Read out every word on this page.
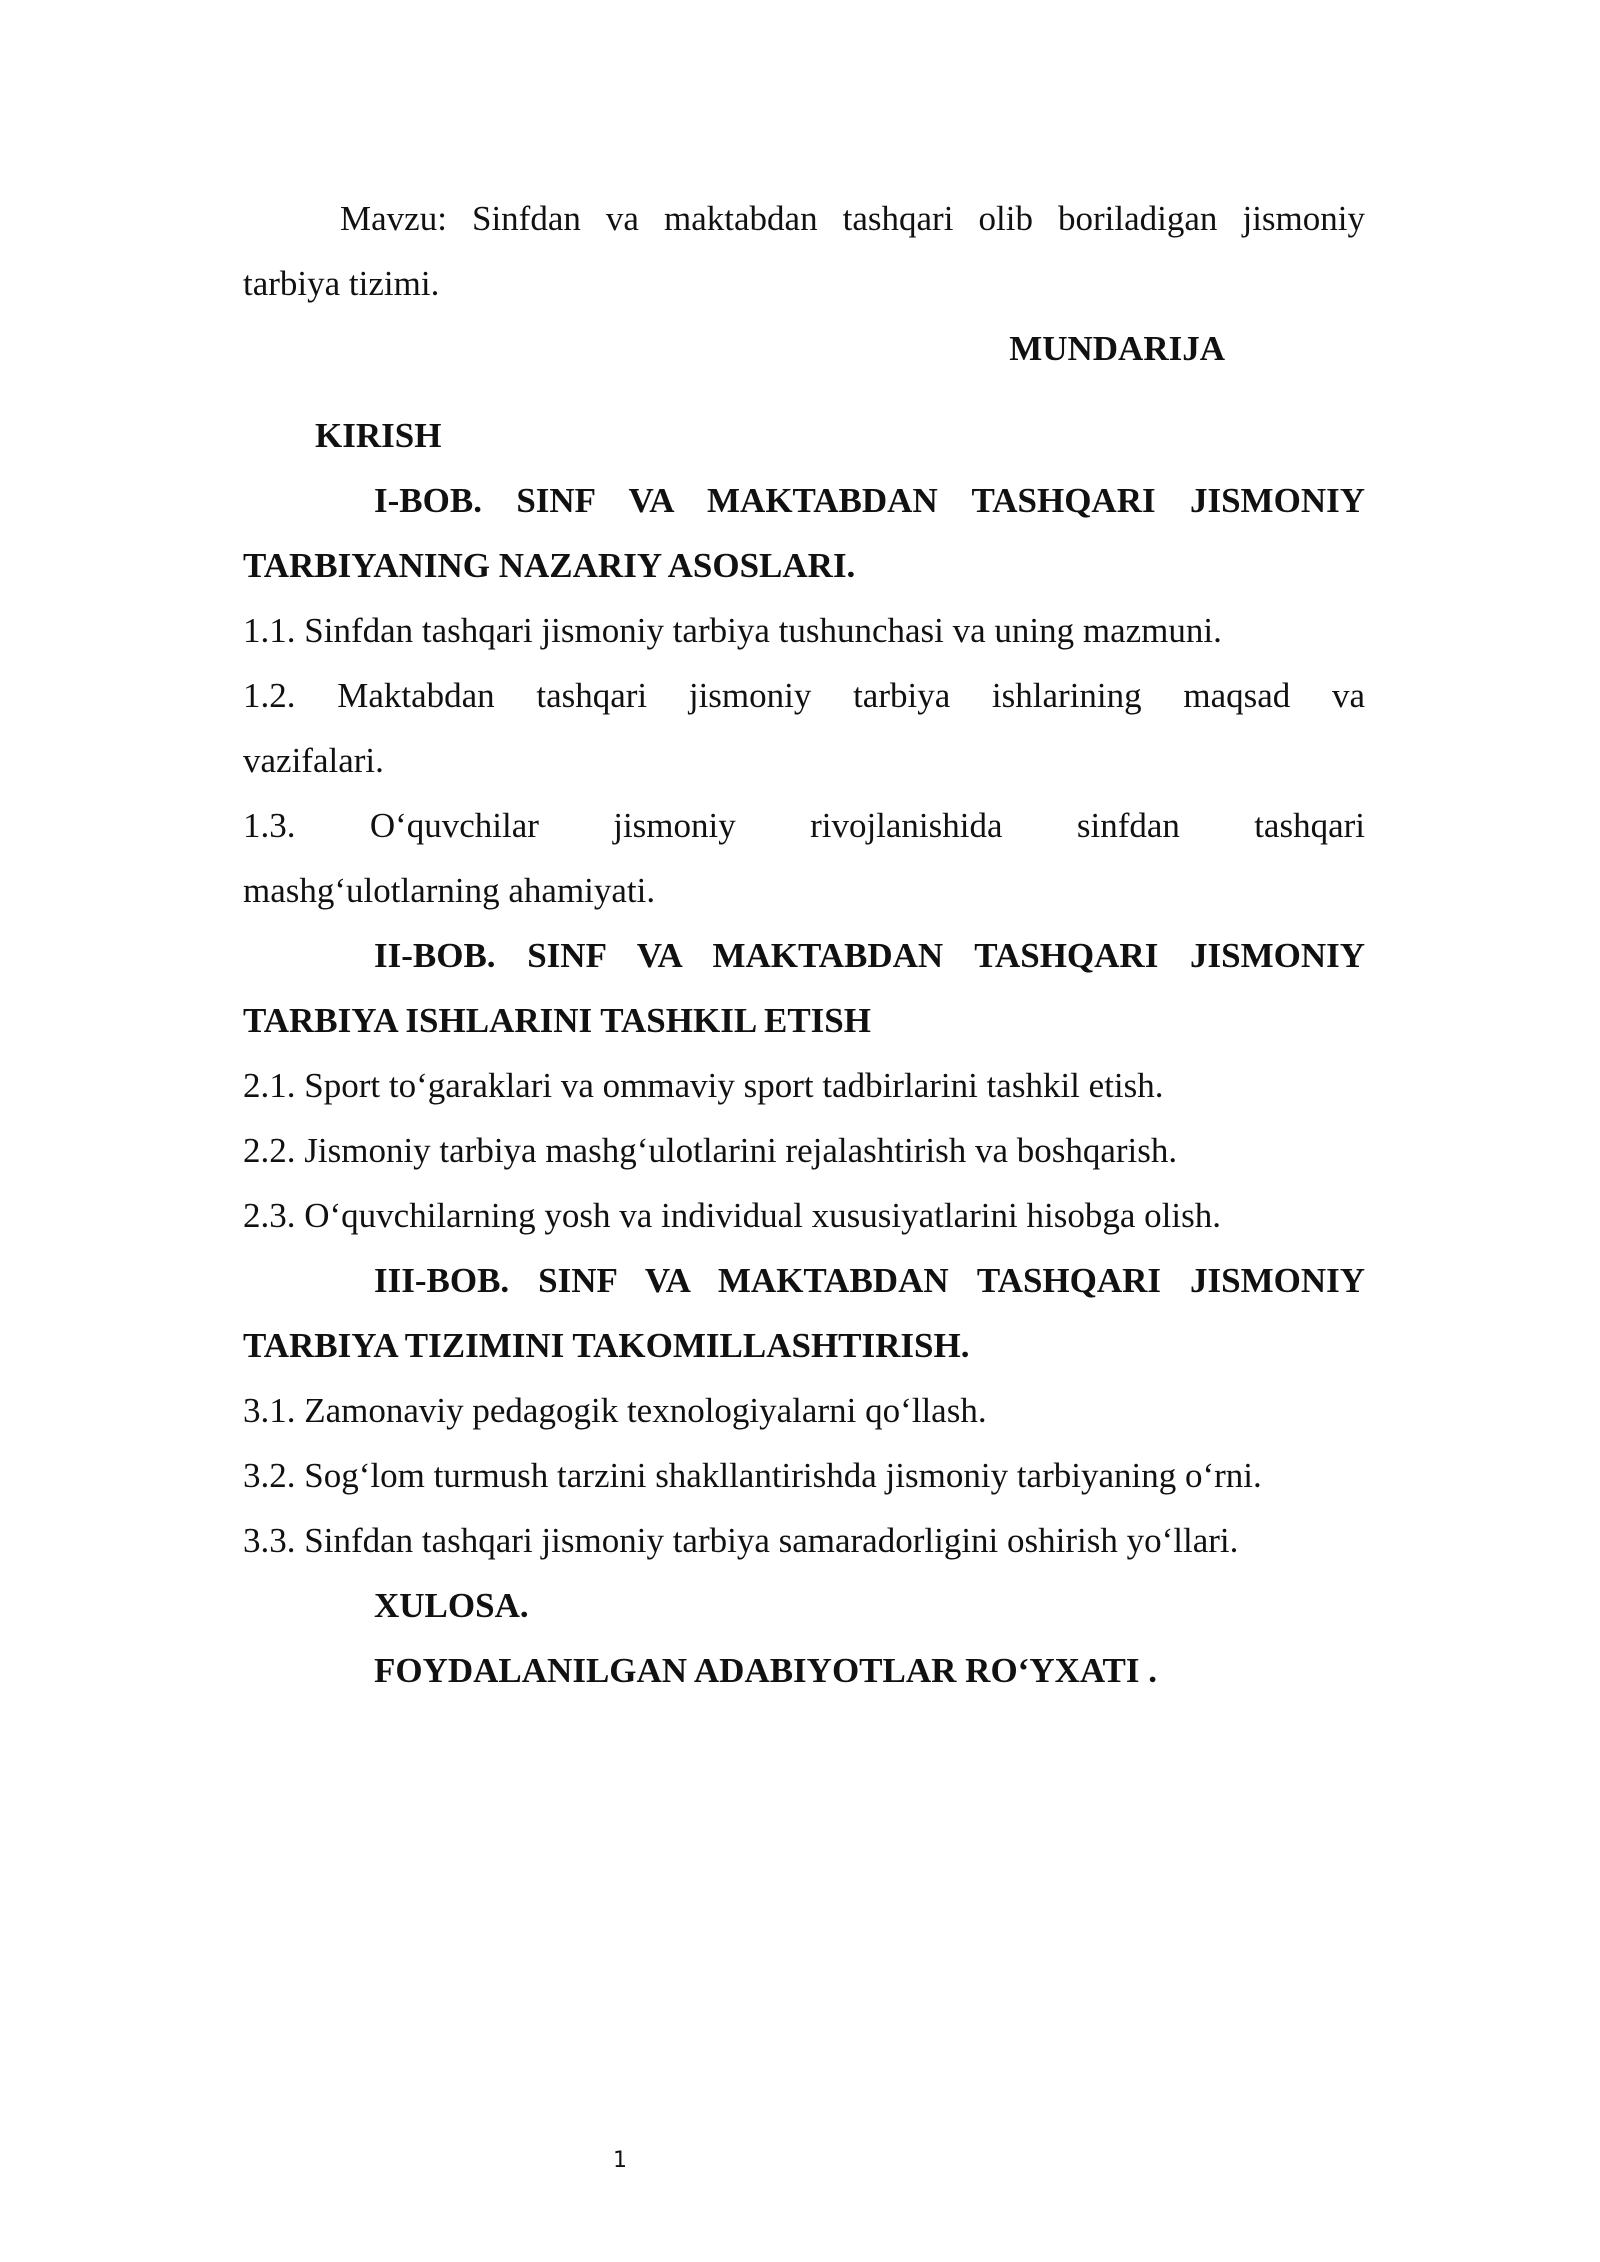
Mavzu: Sinfdan va maktabdan tashqari olib boriladigan jismoniy

tarbiya tizimi.

MUNDARIJA

KIRISH

I-BOB. SINF VA MAKTABDAN TASHQARI JISMONIY

TARBIYANING NAZARIY ASOSLARI.

1.1. Sinfdan tashqari jismoniy tarbiya tushunchasi va uning mazmuni.

1.2. Maktabdan tashqari jismoniy tarbiya ishlarining maqsad va

vazifalari.

1.3. O‘quvchilar jismoniy rivojlanishida sinfdan tashqari

mashg‘ulotlarning ahamiyati.

II-BOB. SINF VA MAKTABDAN TASHQARI JISMONIY

TARBIYA ISHLARINI TASHKIL ETISH

2.1. Sport to‘garaklari va ommaviy sport tadbirlarini tashkil etish.

2.2. Jismoniy tarbiya mashg‘ulotlarini rejalashtirish va boshqarish.

2.3. O‘quvchilarning yosh va individual xususiyatlarini hisobga olish.

III-BOB. SINF VA MAKTABDAN TASHQARI JISMONIY

TARBIYA TIZIMINI TAKOMILLASHTIRISH.

3.1. Zamonaviy pedagogik texnologiyalarni qo‘llash.

3.2. Sog‘lom turmush tarzini shakllantirishda jismoniy tarbiyaning o‘rni.

3.3. Sinfdan tashqari jismoniy tarbiya samaradorligini oshirish yo‘llari.

XULOSA.

FOYDALANILGAN ADABIYOTLAR RO‘YXATI .

1
